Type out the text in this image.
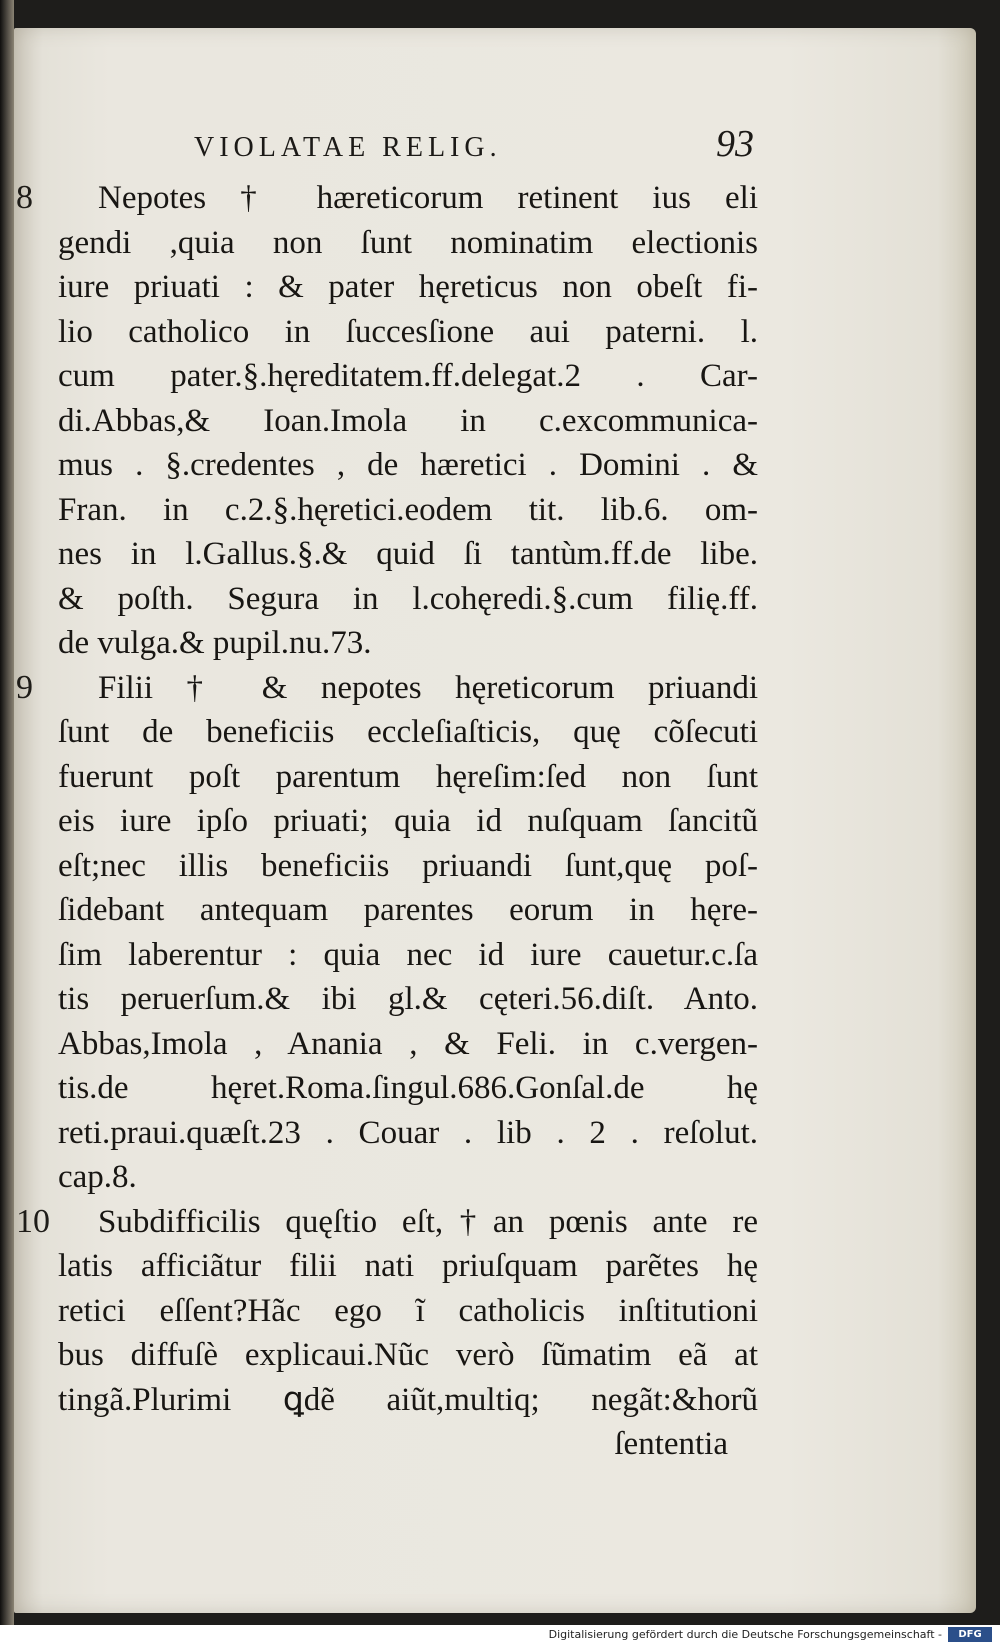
VIOLATAE RELIG.	93
8	Nepotes † hæreticorum retinent ius eli
gendi ,quia non ſunt nominatim electionis
iure priuati : & pater hęreticus non obeſt fi-
lio catholico in ſuccesſione aui paterni. l.
cum pater.§.hęreditatem.ff.delegat.2 . Car-
di.Abbas,& Ioan.Imola in c.excommunica-
mus . §.credentes , de hæretici . Domini . &
Fran. in c.2.§.hęretici.eodem tit. lib.6. om-
nes in l.Gallus.§.& quid ſi tantùm.ff.de libe.
& poſth. Segura in l.cohęredi.§.cum filię.ff.
de vulga.& pupil.nu.73.
9	Filii † & nepotes hęreticorum priuandi
ſunt de beneficiis eccleſiaſticis, quę cõſecuti
fuerunt poſt parentum hęreſim:ſed non ſunt
eis iure ipſo priuati; quia id nuſquam ſancitũ
eſt;nec illis beneficiis priuandi ſunt,quę poſ-
ſidebant antequam parentes eorum in hęre-
ſim laberentur : quia nec id iure cauetur.c.ſa
tis peruerſum.& ibi gl.& cęteri.56.diſt. Anto.
Abbas,Imola , Anania , & Feli. in c.vergen-
tis.de hęret.Roma.ſingul.686.Gonſal.de hę
reti.praui.quæſt.23 . Couar . lib . 2 . reſolut.
cap.8.
10	Subdifficilis quęſtio eſt,†an pœnis ante re
latis afficiãtur filii nati priuſquam parẽtes hę
retici eſſent?Hãc ego ĩ catholicis inſtitutioni
bus diffuſè explicaui.Nũc verò ſũmatim eã at
tingã.Plurimi ꝗdẽ aiũt,multiq; negãt:&horũ
ſententia
Digitalisierung gefördert durch die Deutsche Forschungsgemeinschaft -	DFG
